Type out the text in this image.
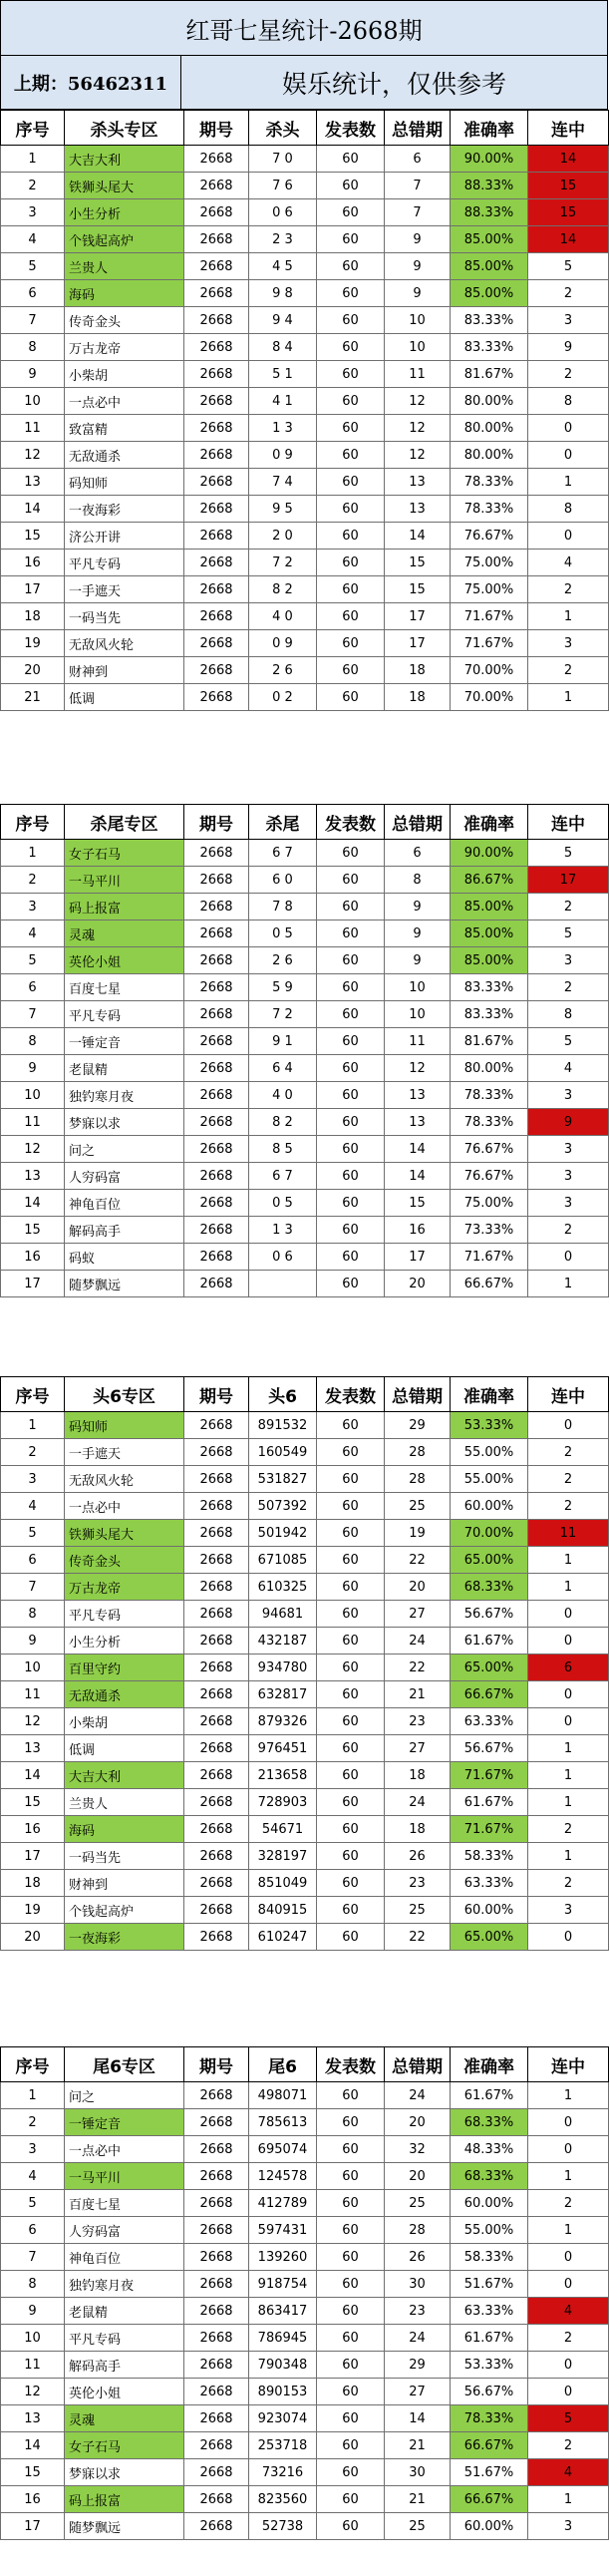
红哥七星统计-2668期
上期：56462311	娱乐统计，仅供参考
序号	杀头专区	期号	杀头	发表数	总错期	准确率	连中
1	大吉大利	2668	7 0	60	6	90.00%	14
2	铁狮头尾大	2668	7 6	60	7	88.33%	15
3	小生分析	2668	0 6	60	7	88.33%	15
4	个钱起高炉	2668	2 3	60	9	85.00%	14
5	兰贵人	2668	4 5	60	9	85.00%	5
6	海码	2668	9 8	60	9	85.00%	2
7	传奇金头	2668	9 4	60	10	83.33%	3
8	万古龙帝	2668	8 4	60	10	83.33%	9
9	小柴胡	2668	5 1	60	11	81.67%	2
10	一点必中	2668	4 1	60	12	80.00%	8
11	致富精	2668	1 3	60	12	80.00%	0
12	无敌通杀	2668	0 9	60	12	80.00%	0
13	码知师	2668	7 4	60	13	78.33%	1
14	一夜海彩	2668	9 5	60	13	78.33%	8
15	济公开讲	2668	2 0	60	14	76.67%	0
16	平凡专码	2668	7 2	60	15	75.00%	4
17	一手遮天	2668	8 2	60	15	75.00%	2
18	一码当先	2668	4 0	60	17	71.67%	1
19	无敌风火轮	2668	0 9	60	17	71.67%	3
20	财神到	2668	2 6	60	18	70.00%	2
21	低调	2668	0 2	60	18	70.00%	1
序号	杀尾专区	期号	杀尾	发表数	总错期	准确率	连中
1	女子石马	2668	6 7	60	6	90.00%	5
2	一马平川	2668	6 0	60	8	86.67%	17
3	码上报富	2668	7 8	60	9	85.00%	2
4	灵魂	2668	0 5	60	9	85.00%	5
5	英伦小姐	2668	2 6	60	9	85.00%	3
6	百度七星	2668	5 9	60	10	83.33%	2
7	平凡专码	2668	7 2	60	10	83.33%	8
8	一锤定音	2668	9 1	60	11	81.67%	5
9	老鼠精	2668	6 4	60	12	80.00%	4
10	独钓寒月夜	2668	4 0	60	13	78.33%	3
11	梦寐以求	2668	8 2	60	13	78.33%	9
12	问之	2668	8 5	60	14	76.67%	3
13	人穷码富	2668	6 7	60	14	76.67%	3
14	神龟百位	2668	0 5	60	15	75.00%	3
15	解码高手	2668	1 3	60	16	73.33%	2
16	码蚁	2668	0 6	60	17	71.67%	0
17	随梦飘远	2668		60	20	66.67%	1
序号	头6专区	期号	头6	发表数	总错期	准确率	连中
1	码知师	2668	891532	60	29	53.33%	0
2	一手遮天	2668	160549	60	28	55.00%	2
3	无敌风火轮	2668	531827	60	28	55.00%	2
4	一点必中	2668	507392	60	25	60.00%	2
5	铁狮头尾大	2668	501942	60	19	70.00%	11
6	传奇金头	2668	671085	60	22	65.00%	1
7	万古龙帝	2668	610325	60	20	68.33%	1
8	平凡专码	2668	94681	60	27	56.67%	0
9	小生分析	2668	432187	60	24	61.67%	0
10	百里守约	2668	934780	60	22	65.00%	6
11	无敌通杀	2668	632817	60	21	66.67%	0
12	小柴胡	2668	879326	60	23	63.33%	0
13	低调	2668	976451	60	27	56.67%	1
14	大吉大利	2668	213658	60	18	71.67%	1
15	兰贵人	2668	728903	60	24	61.67%	1
16	海码	2668	54671	60	18	71.67%	2
17	一码当先	2668	328197	60	26	58.33%	1
18	财神到	2668	851049	60	23	63.33%	2
19	个钱起高炉	2668	840915	60	25	60.00%	3
20	一夜海彩	2668	610247	60	22	65.00%	0
序号	尾6专区	期号	尾6	发表数	总错期	准确率	连中
1	问之	2668	498071	60	24	61.67%	1
2	一锤定音	2668	785613	60	20	68.33%	0
3	一点必中	2668	695074	60	32	48.33%	0
4	一马平川	2668	124578	60	20	68.33%	1
5	百度七星	2668	412789	60	25	60.00%	2
6	人穷码富	2668	597431	60	28	55.00%	1
7	神龟百位	2668	139260	60	26	58.33%	0
8	独钓寒月夜	2668	918754	60	30	51.67%	0
9	老鼠精	2668	863417	60	23	63.33%	4
10	平凡专码	2668	786945	60	24	61.67%	2
11	解码高手	2668	790348	60	29	53.33%	0
12	英伦小姐	2668	890153	60	27	56.67%	0
13	灵魂	2668	923074	60	14	78.33%	5
14	女子石马	2668	253718	60	21	66.67%	2
15	梦寐以求	2668	73216	60	30	51.67%	4
16	码上报富	2668	823560	60	21	66.67%	1
17	随梦飘远	2668	52738	60	25	60.00%	3
